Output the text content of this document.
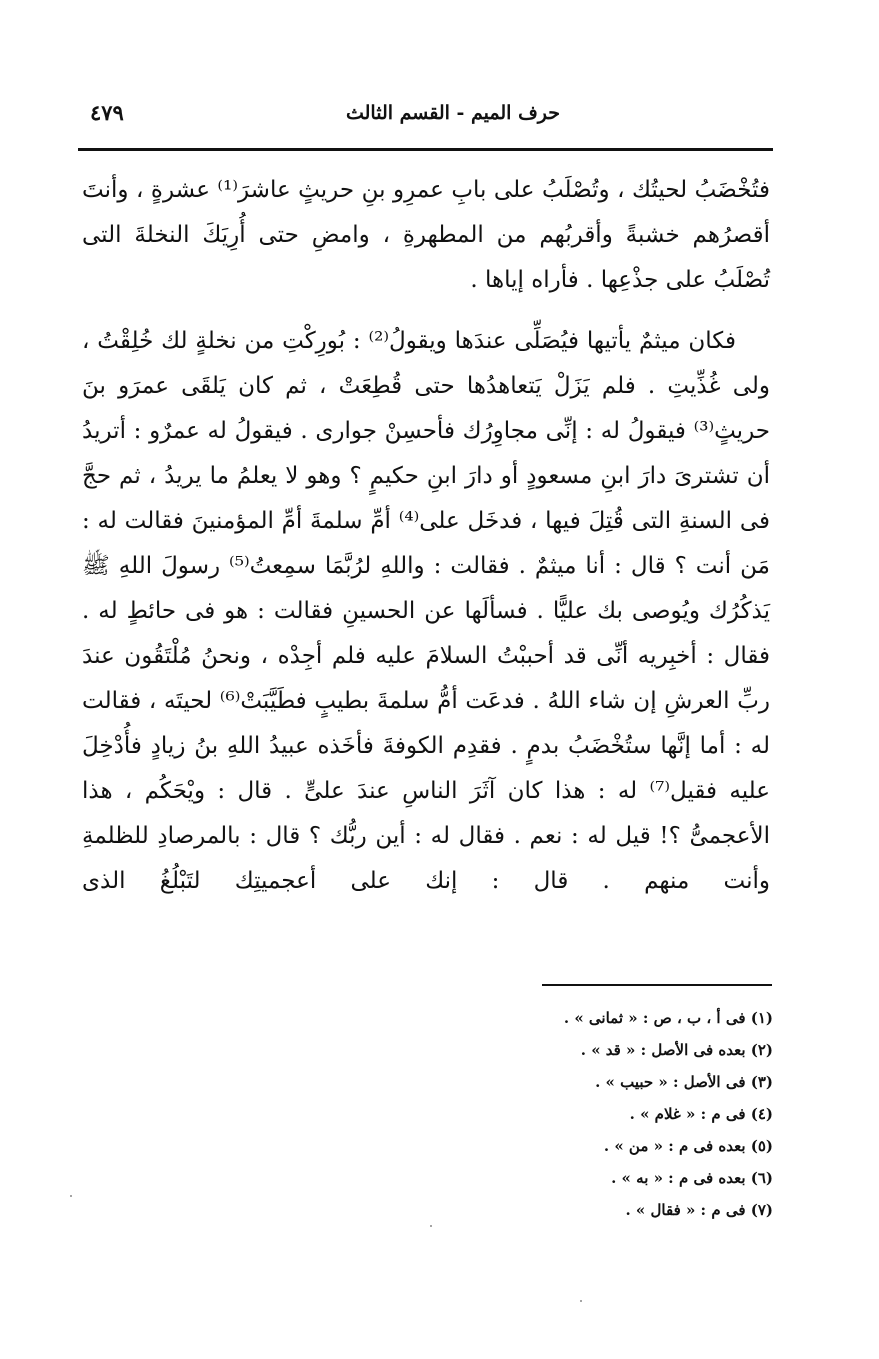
حرف الميم - القسم الثالث
٤٧٩

فتُخْضَبُ لحيتُك ، وتُصْلَبُ على بابِ عمرِو بنِ حريثٍ عاشرَ⁽¹⁾ عشرةٍ ، وأنتَ أقصرُهم خشبةً وأقربُهم من المطهرةِ ، وامضِ حتى أُرِيَكَ النخلةَ التى تُصْلَبُ على جذْعِها . فأراه إياها .

فكان ميثمٌ يأتيها فيُصَلِّى عندَها ويقولُ⁽²⁾ : بُورِكْتِ من نخلةٍ لك خُلِقْتُ ، ولى غُذِّيتِ . فلم يَزَلْ يَتعاهدُها حتى قُطِعَتْ ، ثم كان يَلقَى عمرَو بنَ حريثٍ⁽³⁾ فيقولُ له : إنِّى مجاوِرُك فأحسِنْ جوارى . فيقولُ له عمرٌو : أتريدُ أن تشترىَ دارَ ابنِ مسعودٍ أو دارَ ابنِ حكيمٍ ؟ وهو لا يعلمُ ما يريدُ ، ثم حجَّ فى السنةِ التى قُتِلَ فيها ، فدخَل على⁽⁴⁾ أمِّ سلمةَ أمِّ المؤمنينَ فقالت له : مَن أنت ؟ قال : أنا ميثمٌ . فقالت : واللهِ لرُبَّمَا سمِعتُ⁽⁵⁾ رسولَ اللهِ ﷺ يَذكُرُك ويُوصى بك عليًّا . فسألَها عن الحسينِ فقالت : هو فى حائطٍ له . فقال : أخبِريه أنِّى قد أحببْتُ السلامَ عليه فلم أجِدْه ، ونحنُ مُلْتَقُون عندَ ربِّ العرشِ إن شاء اللهُ . فدعَت أمُّ سلمةَ بطيبٍ فطَيَّبَتْ⁽⁶⁾ لحيتَه ، فقالت له : أما إنَّها ستُخْضَبُ بدمٍ . فقدِم الكوفةَ فأخَذه عبيدُ اللهِ بنُ زيادٍ فأُدْخِلَ عليه فقيل⁽⁷⁾ له : هذا كان آثَرَ الناسِ عندَ علىٍّ . قال : ويْحَكُم ، هذا الأعجمىُّ ؟! قيل له : نعم . فقال له : أين ربُّك ؟ قال : بالمرصادِ للظلمةِ وأنت منهم . قال : إنك على أعجميتِك لتَبْلُغُ الذى

(١) فى أ ، ب ، ص : « ثمانى » .
(٢) بعده فى الأصل : « قد » .
(٣) فى الأصل : « حبيب » .
(٤) فى م : « غلام » .
(٥) بعده فى م : « من » .
(٦) بعده فى م : « به » .
(٧) فى م : « فقال » .
